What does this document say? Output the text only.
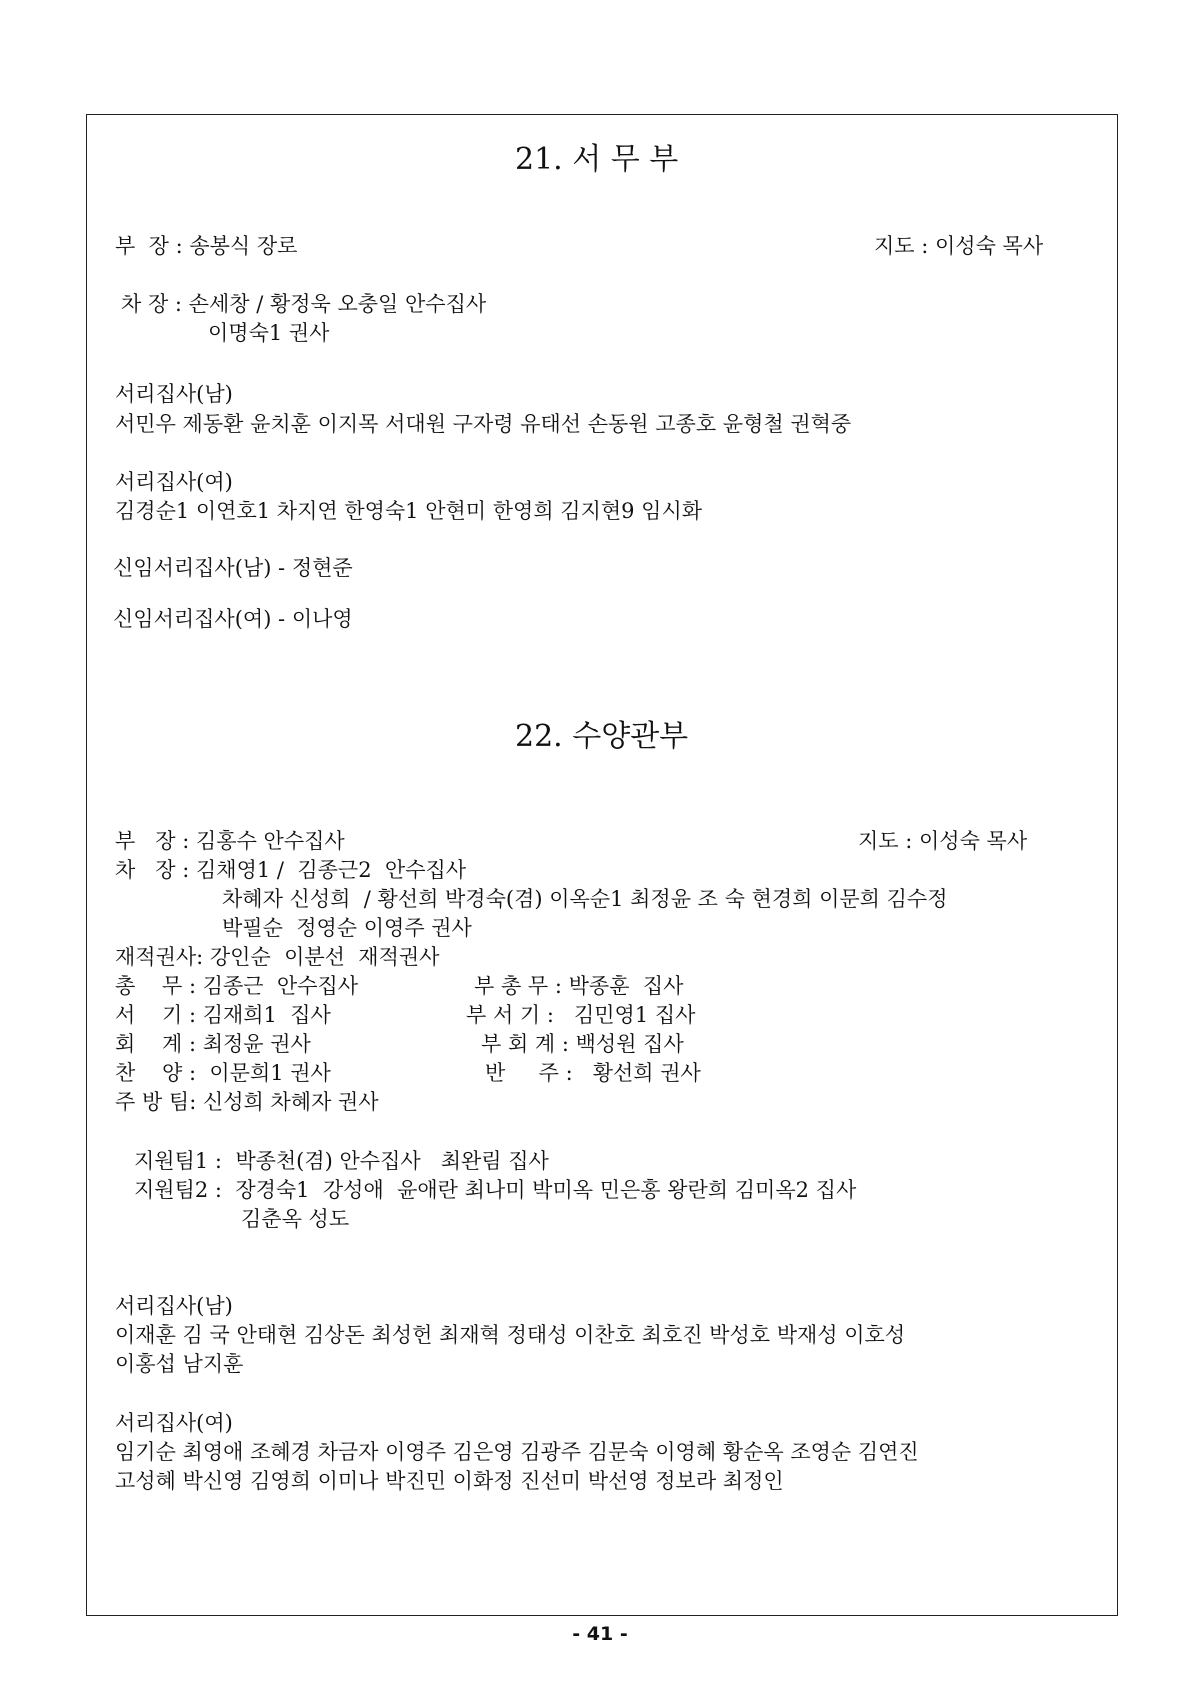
21. 서 무 부
부  장 : 송봉식 장로	지도 : 이성숙 목사
차 장 : 손세창 / 황정욱 오충일 안수집사
이명숙1 권사
서리집사(남)
서민우 제동환 윤치훈 이지목 서대원 구자령 유태선 손동원 고종호 윤형철 권혁중
서리집사(여)
김경순1 이연호1 차지연 한영숙1 안현미 한영희 김지현9 임시화
신임서리집사(남) - 정현준
신임서리집사(여) - 이나영
22. 수양관부
부   장 : 김홍수 안수집사	지도 : 이성숙 목사
차   장 : 김채영1 /  김종근2  안수집사
차혜자 신성희  / 황선희 박경숙(겸) 이옥순1 최정윤 조 숙 현경희 이문희 김수정
박필순  정영순 이영주 권사
재적권사: 강인순  이분선  재적권사
총    무 : 김종근  안수집사	부 총 무 : 박종훈  집사
서    기 : 김재희1  집사	부 서 기 :   김민영1 집사
회    계 : 최정윤 권사	부 회 계 : 백성원 집사
찬    양 :  이문희1 권사	반     주 :   황선희 권사
주 방 팀: 신성희 차혜자 권사
지원팀1 :  박종천(겸) 안수집사   최완림 집사
지원팀2 :  장경숙1  강성애  윤애란 최나미 박미옥 민은홍 왕란희 김미옥2 집사
김춘옥 성도
서리집사(남)
이재훈 김 국 안태현 김상돈 최성헌 최재혁 정태성 이찬호 최호진 박성호 박재성 이호성
이홍섭 남지훈
서리집사(여)
임기순 최영애 조혜경 차금자 이영주 김은영 김광주 김문숙 이영혜 황순옥 조영순 김연진
고성혜 박신영 김영희 이미나 박진민 이화정 진선미 박선영 정보라 최정인
- 41 -
